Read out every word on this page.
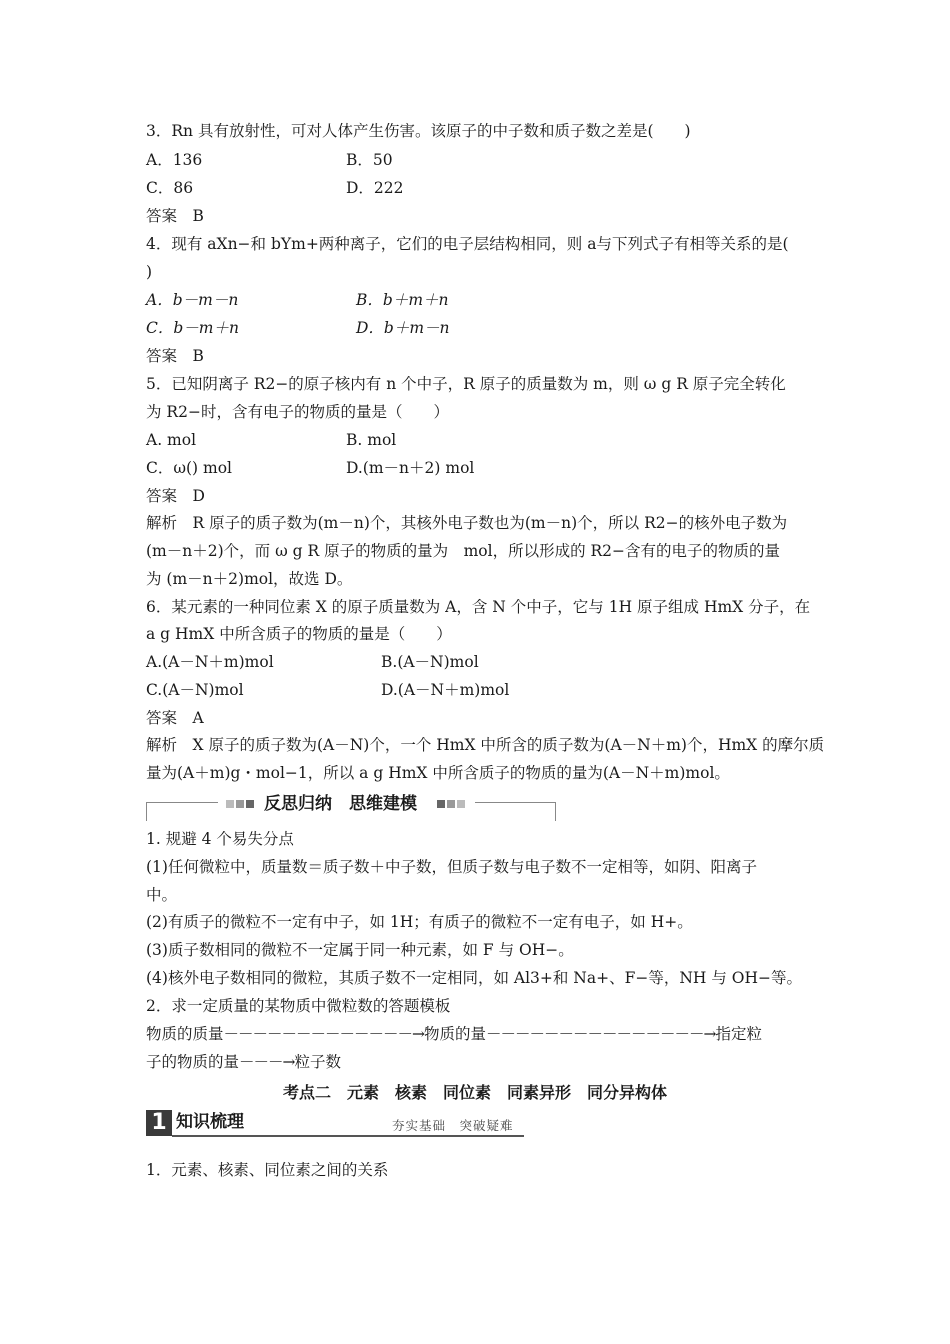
3．Rn 具有放射性，可对人体产生伤害。该原子的中子数和质子数之差是(　　)
A．136	B．50
C．86	D．222
答案　B
4．现有 aXn−和 bYm+两种离子，它们的电子层结构相同，则 a与下列式子有相等关系的是(
)
A．b－m－n	B．b＋m＋n
C．b－m＋n	D．b＋m－n
答案　B
5．已知阴离子 R2−的原子核内有 n 个中子，R 原子的质量数为 m，则 ω g R 原子完全转化
为 R2−时，含有电子的物质的量是（　　）
A. mol	B. mol
C．ω() mol	D.(m－n＋2) mol
答案　D
解析　R 原子的质子数为(m－n)个，其核外电子数也为(m－n)个，所以 R2−的核外电子数为
(m－n＋2)个，而 ω g R 原子的物质的量为　mol，所以形成的 R2−含有的电子的物质的量
为 (m－n＋2)mol，故选 D。
6．某元素的一种同位素 X 的原子质量数为 A，含 N 个中子，它与 1H 原子组成 HmX 分子，在
a g HmX 中所含质子的物质的量是（　　）
A.(A－N＋m)mol	B.(A－N)mol
C.(A－N)mol	D.(A－N＋m)mol
答案　A
解析　X 原子的质子数为(A－N)个，一个 HmX 中所含的质子数为(A－N＋m)个，HmX 的摩尔质
量为(A＋m)g・mol−1，所以 a g HmX 中所含质子的物质的量为(A－N＋m)mol。
反思归纳　思维建模
1. 规避 4 个易失分点
(1)任何微粒中，质量数＝质子数＋中子数，但质子数与电子数不一定相等，如阴、阳离子
中。
(2)有质子的微粒不一定有中子，如 1H；有质子的微粒不一定有电子，如 H+。
(3)质子数相同的微粒不一定属于同一种元素，如 F 与 OH−。
(4)核外电子数相同的微粒，其质子数不一定相同，如 Al3+和 Na+、F−等，NH 与 OH−等。
2．求一定质量的某物质中微粒数的答题模板
物质的质量－－－－－－－－－－－－－→物质的量－－－－－－－－－－－－－－－→指定粒
子的物质的量－－－→粒子数
考点二　元素　核素　同位素　同素异形　同分异构体
1 知识梳理	夯实基础　突破疑难
1．元素、核素、同位素之间的关系
